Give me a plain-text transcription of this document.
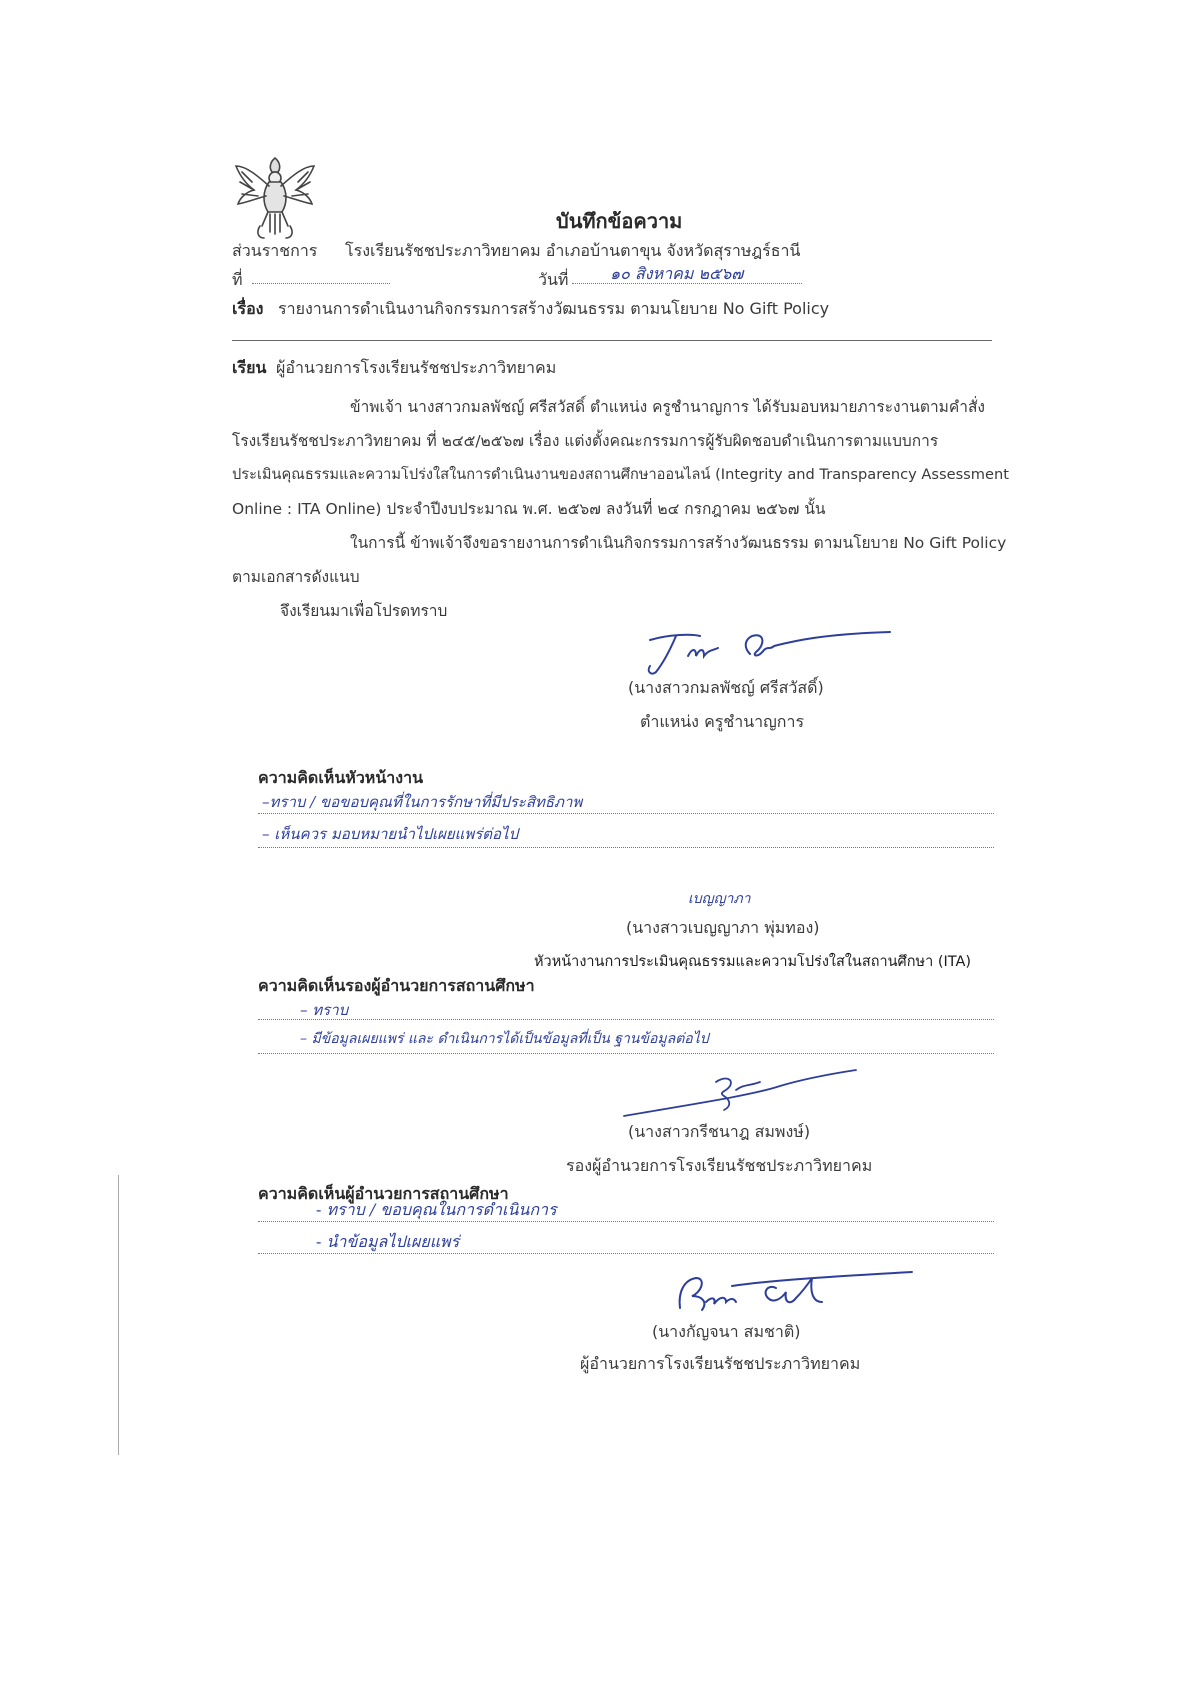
บันทึกข้อความ
ส่วนราชการ โรงเรียนรัชชประภาวิทยาคม อำเภอบ้านตาขุน จังหวัดสุราษฎร์ธานี
ที่	วันที่	๑๐ สิงหาคม ๒๕๖๗
เรื่อง รายงานการดำเนินงานกิจกรรมการสร้างวัฒนธรรม ตามนโยบาย No Gift Policy
เรียน ผู้อำนวยการโรงเรียนรัชชประภาวิทยาคม
ข้าพเจ้า นางสาวกมลพัชญ์ ศรีสวัสดิ์ ตำแหน่ง ครูชำนาญการ ได้รับมอบหมายภาระงานตามคำสั่ง
โรงเรียนรัชชประภาวิทยาคม ที่ ๒๔๕/๒๕๖๗ เรื่อง แต่งตั้งคณะกรรมการผู้รับผิดชอบดำเนินการตามแบบการ
ประเมินคุณธรรมและความโปร่งใสในการดำเนินงานของสถานศึกษาออนไลน์ (Integrity and Transparency Assessment
Online : ITA Online) ประจำปีงบประมาณ พ.ศ. ๒๕๖๗ ลงวันที่ ๒๔ กรกฎาคม ๒๕๖๗ นั้น
ในการนี้ ข้าพเจ้าจึงขอรายงานการดำเนินกิจกรรมการสร้างวัฒนธรรม ตามนโยบาย No Gift Policy
ตามเอกสารดังแนบ
จึงเรียนมาเพื่อโปรดทราบ
(นางสาวกมลพัชญ์ ศรีสวัสดิ์)
ตำแหน่ง ครูชำนาญการ
ความคิดเห็นหัวหน้างาน
–ทราบ / ขอขอบคุณที่ในการรักษาที่มีประสิทธิภาพ
– เห็นควร มอบหมายนำไปเผยแพร่ต่อไป
เบญญาภา
(นางสาวเบญญาภา พุ่มทอง)
หัวหน้างานการประเมินคุณธรรมและความโปร่งใสในสถานศึกษา (ITA)
ความคิดเห็นรองผู้อำนวยการสถานศึกษา
– ทราบ
– มีข้อมูลเผยแพร่ และ ดำเนินการได้เป็นข้อมูลที่เป็น ฐานข้อมูลต่อไป
(นางสาวกรีชนาฎ สมพงษ์)
รองผู้อำนวยการโรงเรียนรัชชประภาวิทยาคม
ความคิดเห็นผู้อำนวยการสถานศึกษา
- ทราบ / ขอบคุณในการดำเนินการ
- นำข้อมูลไปเผยแพร่
(นางกัญจนา สมชาติ)
ผู้อำนวยการโรงเรียนรัชชประภาวิทยาคม
